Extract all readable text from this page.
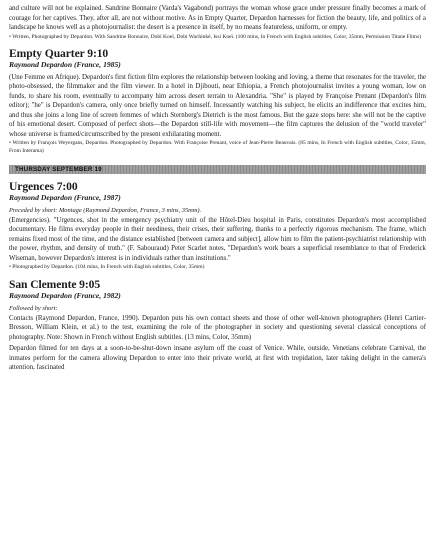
and culture will not be explained. Sandrine Bonnaire (Varda's Vagabond) portrays the woman whose grace under pressure finally becomes a mark of courage for her captives. They, after all, are not without motive. As in Empty Quarter, Depardon harnesses for fiction the beauty, life, and politics of a landscape he knows well as a photojournalist: the desert is a presence in itself, by no means featureless, uniform, or empty.

• Written, Photographed by Depardon. With Sandrine Bonnaire, Dobi Koeï, Dobi Wachinké, Issi Koeï. (100 mins, In French with English subtitles, Color, 35mm, Permission Titane Films)

Empty Quarter 9:10
Raymond Depardon (France, 1985)

(Une Femme en Afrique). Depardon's first fiction film explores the relationship between looking and loving, a theme that resonates for the traveler, the photo-obsessed, the filmmaker and the film viewer. In a hotel in Djibouti, near Ethiopia, a French photojournalist invites a young woman, low on funds, to share his room, eventually to accompany him across desert terrain to Alexandria. "She" is played by Françoise Prenant (Depardon's film editor); "he" is Depardon's camera, only once briefly turned on himself. Incessantly watching his subject, he elicits an indifference that excites him, and thus she joins a long line of screen femmes of which Sternberg's Dietrich is the most famous. But the gaze stops here: she will not be the captive of his emotional desert. Composed of perfect shots—the Depardon still-life with movement—the film captures the delusion of the "world traveler" whose universe is framed/circumscribed by the present exhilarating moment.

• Written by François Weyergans, Depardon. Photographed by Depardon. With Françoise Prenant, voice of Jean-Pierre Beauvais. (85 mins, In French with English subtitles, Color, 35mm, From Interama)

THURSDAY SEPTEMBER 19
Urgences 7:00
Raymond Depardon (France, 1987)
Preceded by short: Montage (Raymond Depardon, France, 3 mins, 35mm).

(Emergencies). "Urgences, shot in the emergency psychiatry unit of the Hôtel-Dieu hospital in Paris, constitutes Depardon's most accomplished documentary. He films everyday people in their neediness, their crises, their suffering, thanks to a perfectly rigorous mechanism. The frame, which remains fixed most of the time, and the distance established [between camera and subject], allow him to film the patient-psychiatrist relationship with the power, rhythm, and density of truth." (F. Sabouraud) Peter Scarlet notes, "Depardon's work bears a superficial resemblance to that of Frederick Wiseman, however Depardon's interest is in individuals rather than institutions."

• Photographed by Depardon. (104 mins, In French with English subtitles, Color, 35mm)

San Clemente 9:05
Raymond Depardon (France, 1982)
Followed by short:

Contacts (Raymond Depardon, France, 1990). Depardon puts his own contact sheets and those of other well-known photographers (Henri Cartier-Bresson, William Klein, et al.) to the test, examining the role of the photographer in society and questioning several classical conceptions of photography. Note: Shown in French without English subtitles. (13 mins, Color, 35mm)

Depardon filmed for ten days at a soon-to-be-shut-down insane asylum off the coast of Venice. While, outside, Venetians celebrate Carnival, the inmates perform for the camera allowing Depardon to enter into their private world, at first with trepidation, later taking delight in the camera's attention, fascinated
